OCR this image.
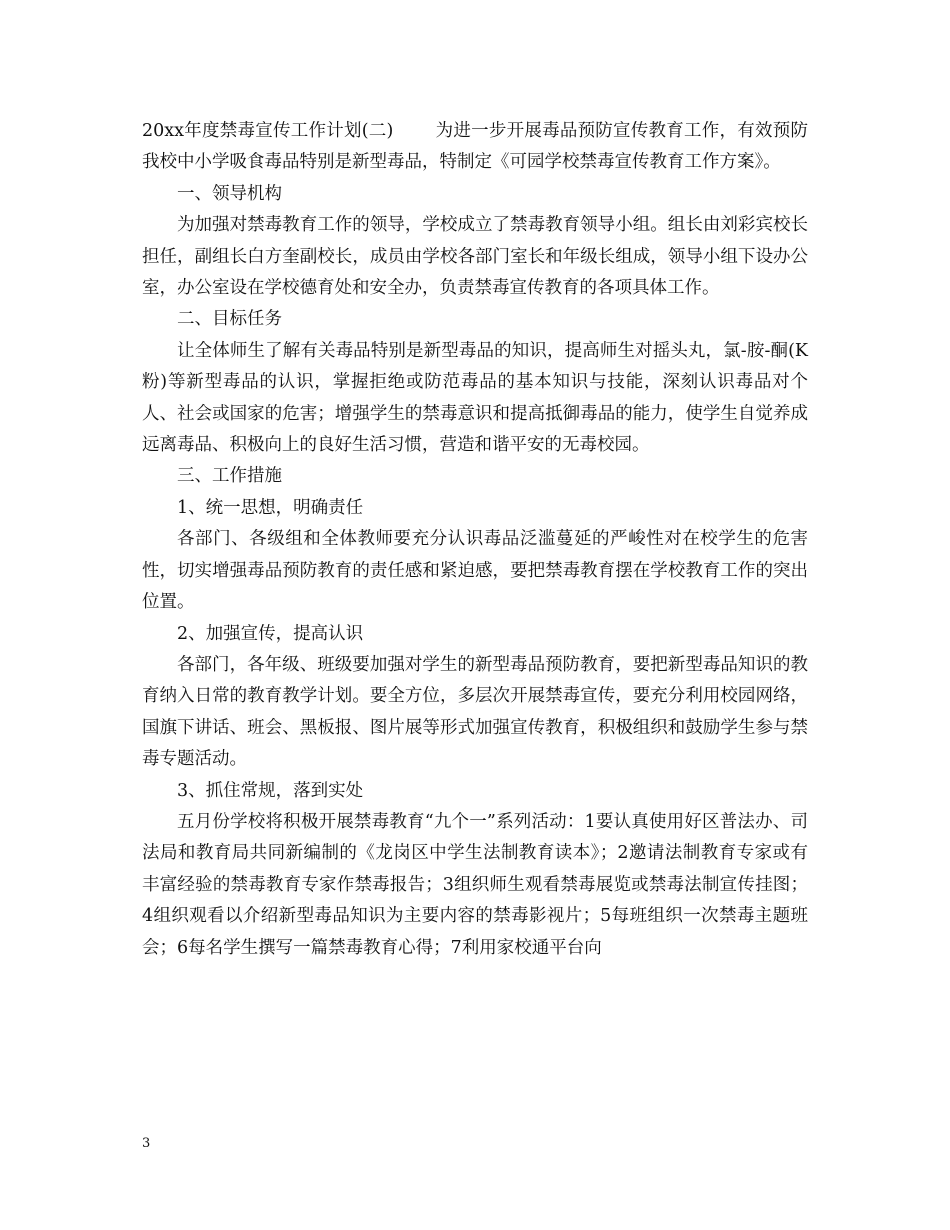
20xx年度禁毒宣传工作计划(二) 为进一步开展毒品预防宣传教育工作，有效预防我校中小学吸食毒品特别是新型毒品，特制定《可园学校禁毒宣传教育工作方案》。

一、领导机构

为加强对禁毒教育工作的领导，学校成立了禁毒教育领导小组。组长由刘彩宾校长担任，副组长白方奎副校长，成员由学校各部门室长和年级长组成，领导小组下设办公室，办公室设在学校德育处和安全办，负责禁毒宣传教育的各项具体工作。

二、目标任务

让全体师生了解有关毒品特别是新型毒品的知识，提高师生对摇头丸，氯-胺-酮(K粉)等新型毒品的认识，掌握拒绝或防范毒品的基本知识与技能，深刻认识毒品对个人、社会或国家的危害；增强学生的禁毒意识和提高抵御毒品的能力，使学生自觉养成远离毒品、积极向上的良好生活习惯，营造和谐平安的无毒校园。

三、工作措施

1、统一思想，明确责任

各部门、各级组和全体教师要充分认识毒品泛滥蔓延的严峻性对在校学生的危害性，切实增强毒品预防教育的责任感和紧迫感，要把禁毒教育摆在学校教育工作的突出位置。

2、加强宣传，提高认识

各部门，各年级、班级要加强对学生的新型毒品预防教育，要把新型毒品知识的教育纳入日常的教育教学计划。要全方位，多层次开展禁毒宣传，要充分利用校园网络，国旗下讲话、班会、黑板报、图片展等形式加强宣传教育，积极组织和鼓励学生参与禁毒专题活动。

3、抓住常规，落到实处

五月份学校将积极开展禁毒教育“九个一”系列活动：1要认真使用好区普法办、司法局和教育局共同新编制的《龙岗区中学生法制教育读本》；2邀请法制教育专家或有丰富经验的禁毒教育专家作禁毒报告；3组织师生观看禁毒展览或禁毒法制宣传挂图；4组织观看以介绍新型毒品知识为主要内容的禁毒影视片；5每班组织一次禁毒主题班会；6每名学生撰写一篇禁毒教育心得；7利用家校通平台向

3
